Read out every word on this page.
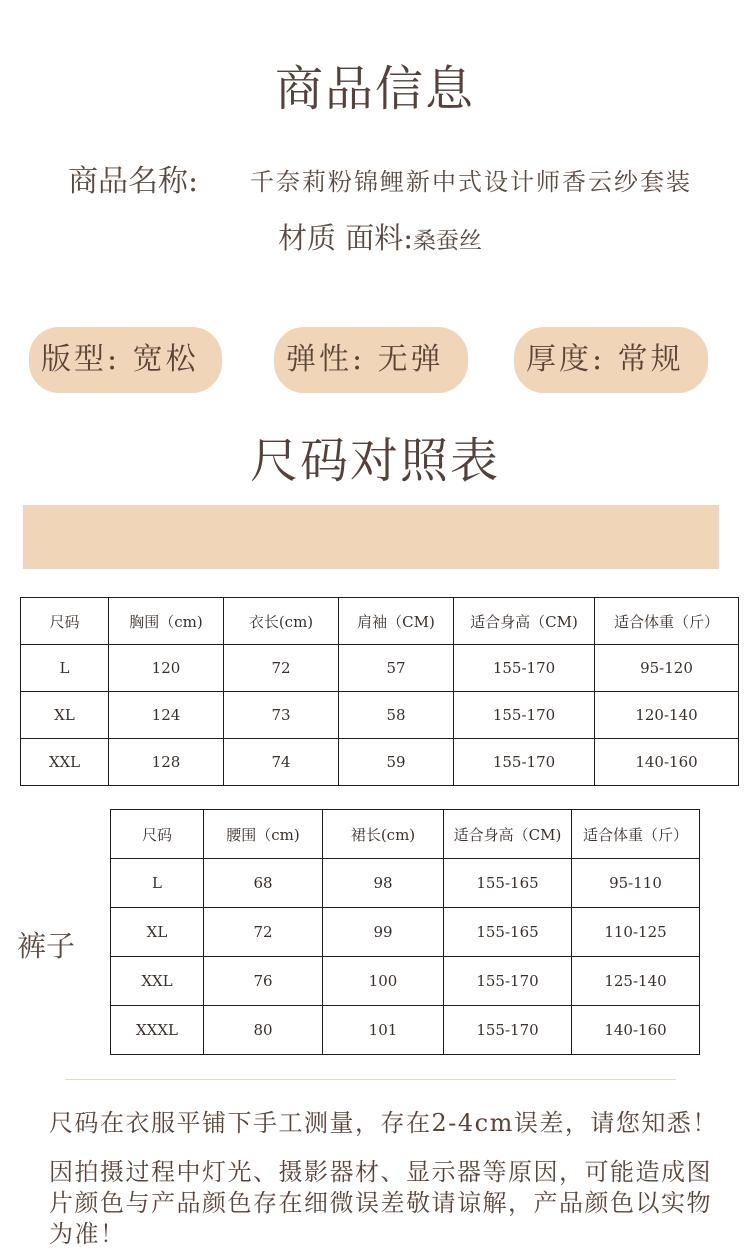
商品信息
商品名称: 千奈莉粉锦鲤新中式设计师香云纱套装
材质 面料:桑蚕丝
版型: 宽松	弹性: 无弹	厚度: 常规
尺码对照表
尺码	胸围（cm)	衣长(cm)	肩袖（CM)	适合身高（CM)	适合体重（斤）
L	120	72	57	155-170	95-120
XL	124	73	58	155-170	120-140
XXL	128	74	59	155-170	140-160
裤子
尺码	腰围（cm)	裙长(cm)	适合身高（CM)	适合体重（斤）
L	68	98	155-165	95-110
XL	72	99	155-165	110-125
XXL	76	100	155-170	125-140
XXXL	80	101	155-170	140-160
尺码在衣服平铺下手工测量，存在2-4cm误差，请您知悉！
因拍摄过程中灯光、摄影器材、显示器等原因，可能造成图片颜色与产品颜色存在细微误差敬请谅解，产品颜色以实物为准！
